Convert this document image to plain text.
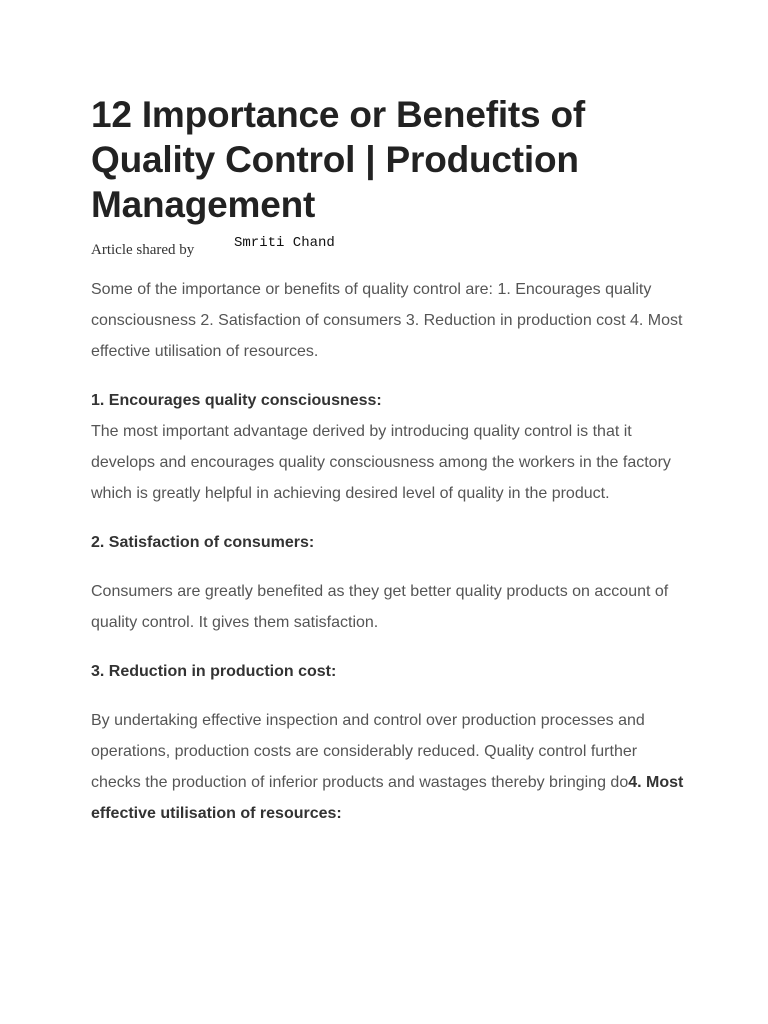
12 Importance or Benefits of Quality Control | Production Management
Article shared by	Smriti Chand

Some of the importance or benefits of quality control are: 1. Encourages quality consciousness 2. Satisfaction of consumers 3. Reduction in production cost 4. Most effective utilisation of resources.

1. Encourages quality consciousness:

The most important advantage derived by introducing quality control is that it develops and encourages quality consciousness among the workers in the factory which is greatly helpful in achieving desired level of quality in the product.

2. Satisfaction of consumers:

Consumers are greatly benefited as they get better quality products on account of quality control. It gives them satisfaction.

3. Reduction in production cost:

By undertaking effective inspection and control over production processes and operations, production costs are considerably reduced. Quality control further checks the production of inferior products and wastages thereby bringing do4. Most effective utilisation of resources:
